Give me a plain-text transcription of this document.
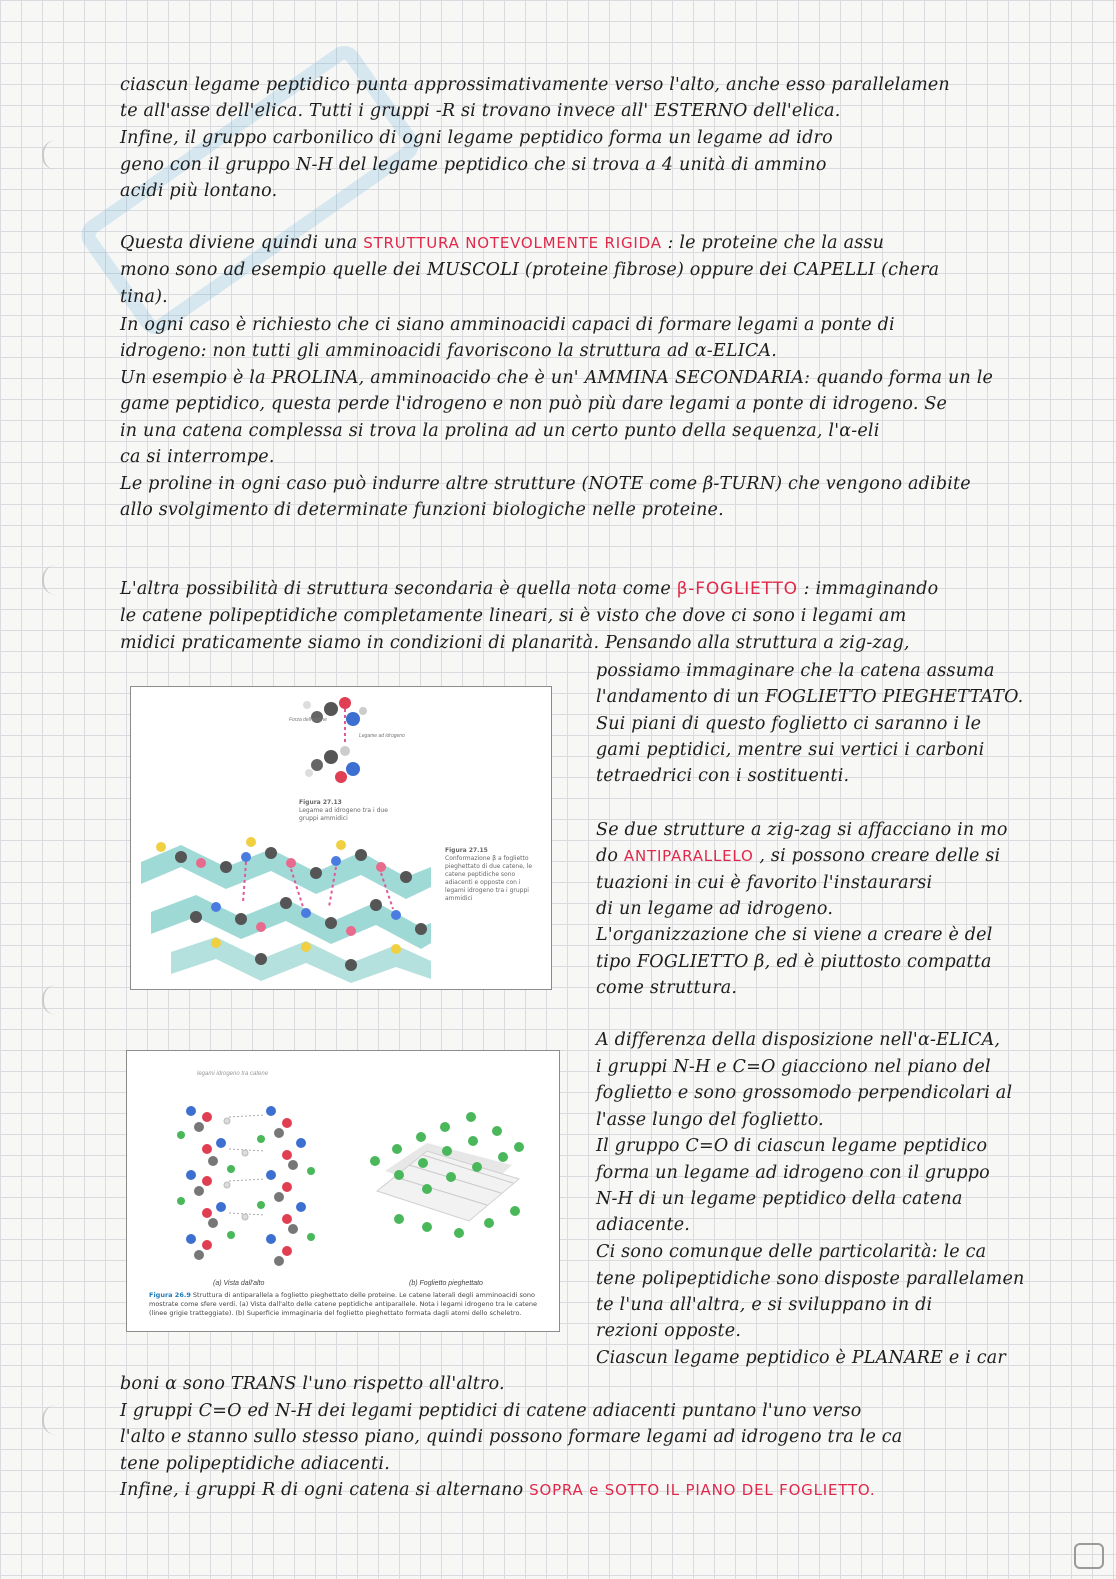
ciascun legame peptidico punta approssimativamente verso l'alto, anche esso parallelamen
te all'asse dell'elica. Tutti i gruppi -R si trovano invece all' ESTERNO dell'elica.
Infine, il gruppo carbonilico di ogni legame peptidico forma un legame ad idro
geno con il gruppo N-H del legame peptidico che si trova a 4 unità di ammino
acidi più lontano.
Questa diviene quindi una STRUTTURA NOTEVOLMENTE RIGIDA : le proteine che la assu
mono sono ad esempio quelle dei MUSCOLI (proteine fibrose) oppure dei CAPELLI (chera
tina).
In ogni caso è richiesto che ci siano amminoacidi capaci di formare legami a ponte di
idrogeno: non tutti gli amminoacidi favoriscono la struttura ad α-ELICA.
Un esempio è la PROLINA, amminoacido che è un' AMMINA SECONDARIA: quando forma un le
game peptidico, questa perde l'idrogeno e non può più dare legami a ponte di idrogeno. Se
in una catena complessa si trova la prolina ad un certo punto della sequenza, l'α-eli
ca si interrompe.
Le proline in ogni caso può indurre altre strutture (NOTE come β-TURN) che vengono adibite
allo svolgimento di determinate funzioni biologiche nelle proteine.
L'altra possibilità di struttura secondaria è quella nota come β-FOGLIETTO : immaginando
le catene polipeptidiche completamente lineari, si è visto che dove ci sono i legami am
midici praticamente siamo in condizioni di planarità. Pensando alla struttura a zig-zag,
possiamo immaginare che la catena assuma
l'andamento di un FOGLIETTO PIEGHETTATO.
Sui piani di questo foglietto ci saranno i le
gami peptidici, mentre sui vertici i carboni
tetraedrici con i sostituenti.
Se due strutture a zig-zag si affacciano in mo
do ANTIPARALLELO , si possono creare delle si
tuazioni in cui è favorito l'instaurarsi
di un legame ad idrogeno.
L'organizzazione che si viene a creare è del
tipo FOGLIETTO β, ed è piuttosto compatta
come struttura.
A differenza della disposizione nell'α-ELICA,
i gruppi N-H e C=O giacciono nel piano del
foglietto e sono grossomodo perpendicolari al
l'asse lungo del foglietto.
Il gruppo C=O di ciascun legame peptidico
forma un legame ad idrogeno con il gruppo
N-H di un legame peptidico della catena
adiacente.
Ci sono comunque delle particolarità: le ca
tene polipeptidiche sono disposte parallelamen
te l'una all'altra, e si sviluppano in di
rezioni opposte.
Ciascun legame peptidico è PLANARE e i car
boni α sono TRANS l'uno rispetto all'altro.
I gruppi C=O ed N-H dei legami peptidici di catene adiacenti puntano l'uno verso
l'alto e stanno sullo stesso piano, quindi possono formare legami ad idrogeno tra le ca
tene polipeptidiche adiacenti.
Infine, i gruppi R di ogni catena si alternano SOPRA e SOTTO IL PIANO DEL FOGLIETTO.
Forza dell'anione
Legame ad idrogeno
Figura 27.13
Legame ad idrogeno tra i due gruppi ammidici
Figura 27.15
Conformazione β a foglietto pieghettato di due catene, le catene peptidiche sono adiacenti e opposte con i legami idrogeno tra i gruppi ammidici
legami idrogeno tra catene
(a) Vista dall'alto	(b) Foglietto pieghettato
Figura 26.9 Struttura di antiparallela a foglietto pieghettato delle proteine. Le catene laterali degli amminoacidi sono mostrate come sfere verdi. (a) Vista dall'alto delle catene peptidiche antiparallele. Nota i legami idrogeno tra le catene (linee grigie tratteggiate). (b) Superficie immaginaria del foglietto pieghettato formata dagli atomi dello scheletro.
